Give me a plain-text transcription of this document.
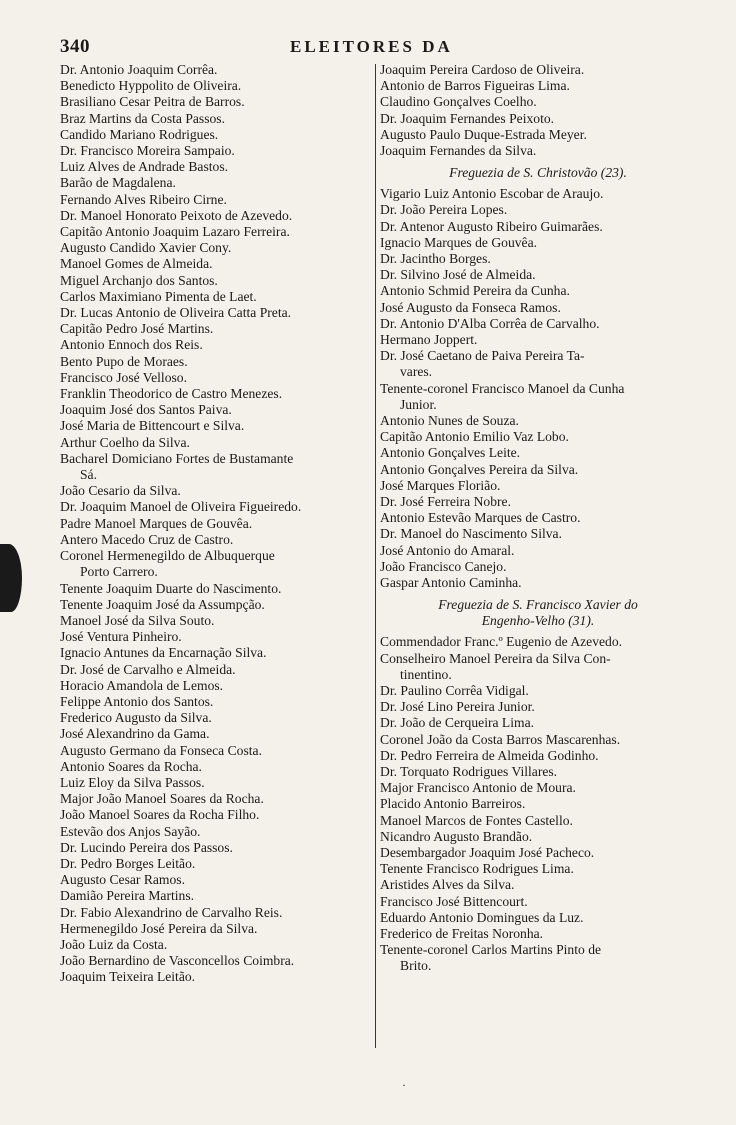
340	ELEITORES DA
Dr. Antonio Joaquim Corrêa.
Benedicto Hyppolito de Oliveira.
Brasiliano Cesar Peitra de Barros.
Braz Martins da Costa Passos.
Candido Mariano Rodrigues.
Dr. Francisco Moreira Sampaio.
Luiz Alves de Andrade Bastos.
Barão de Magdalena.
Fernando Alves Ribeiro Cirne.
Dr. Manoel Honorato Peixoto de Azevedo.
Capitão Antonio Joaquim Lazaro Ferreira.
Augusto Candido Xavier Cony.
Manoel Gomes de Almeida.
Miguel Archanjo dos Santos.
Carlos Maximiano Pimenta de Laet.
Dr. Lucas Antonio de Oliveira Catta Preta.
Capitão Pedro José Martins.
Antonio Ennoch dos Reis.
Bento Pupo de Moraes.
Francisco José Velloso.
Franklin Theodorico de Castro Menezes.
Joaquim José dos Santos Paiva.
José Maria de Bittencourt e Silva.
Arthur Coelho da Silva.
Bacharel Domiciano Fortes de Bustamante
Sá.
João Cesario da Silva.
Dr. Joaquim Manoel de Oliveira Figueiredo.
Padre Manoel Marques de Gouvêa.
Antero Macedo Cruz de Castro.
Coronel Hermenegildo de Albuquerque
Porto Carrero.
Tenente Joaquim Duarte do Nascimento.
Tenente Joaquim José da Assumpção.
Manoel José da Silva Souto.
José Ventura Pinheiro.
Ignacio Antunes da Encarnação Silva.
Dr. José de Carvalho e Almeida.
Horacio Amandola de Lemos.
Felippe Antonio dos Santos.
Frederico Augusto da Silva.
José Alexandrino da Gama.
Augusto Germano da Fonseca Costa.
Antonio Soares da Rocha.
Luiz Eloy da Silva Passos.
Major João Manoel Soares da Rocha.
João Manoel Soares da Rocha Filho.
Estevão dos Anjos Sayão.
Dr. Lucindo Pereira dos Passos.
Dr. Pedro Borges Leitão.
Augusto Cesar Ramos.
Damião Pereira Martins.
Dr. Fabio Alexandrino de Carvalho Reis.
Hermenegildo José Pereira da Silva.
João Luiz da Costa.
João Bernardino de Vasconcellos Coimbra.
Joaquim Teixeira Leitão.
Joaquim Pereira Cardoso de Oliveira.
Antonio de Barros Figueiras Lima.
Claudino Gonçalves Coelho.
Dr. Joaquim Fernandes Peixoto.
Augusto Paulo Duque-Estrada Meyer.
Joaquim Fernandes da Silva.
Freguezia de S. Christovão (23).
Vigario Luiz Antonio Escobar de Araujo.
Dr. João Pereira Lopes.
Dr. Antenor Augusto Ribeiro Guimarães.
Ignacio Marques de Gouvêa.
Dr. Jacintho Borges.
Dr. Silvino José de Almeida.
Antonio Schmid Pereira da Cunha.
José Augusto da Fonseca Ramos.
Dr. Antonio D'Alba Corrêa de Carvalho.
Hermano Joppert.
Dr. José Caetano de Paiva Pereira Ta-
vares.
Tenente-coronel Francisco Manoel da Cunha
Junior.
Antonio Nunes de Souza.
Capitão Antonio Emilio Vaz Lobo.
Antonio Gonçalves Leite.
Antonio Gonçalves Pereira da Silva.
José Marques Florião.
Dr. José Ferreira Nobre.
Antonio Estevão Marques de Castro.
Dr. Manoel do Nascimento Silva.
José Antonio do Amaral.
João Francisco Canejo.
Gaspar Antonio Caminha.
Freguezia de S. Francisco Xavier do
Engenho-Velho (31).
Commendador Franc.º Eugenio de Azevedo.
Conselheiro Manoel Pereira da Silva Con-
tinentino.
Dr. Paulino Corrêa Vidigal.
Dr. José Lino Pereira Junior.
Dr. João de Cerqueira Lima.
Coronel João da Costa Barros Mascarenhas.
Dr. Pedro Ferreira de Almeida Godinho.
Dr. Torquato Rodrigues Villares.
Major Francisco Antonio de Moura.
Placido Antonio Barreiros.
Manoel Marcos de Fontes Castello.
Nicandro Augusto Brandão.
Desembargador Joaquim José Pacheco.
Tenente Francisco Rodrigues Lima.
Aristides Alves da Silva.
Francisco José Bittencourt.
Eduardo Antonio Domingues da Luz.
Frederico de Freitas Noronha.
Tenente-coronel Carlos Martins Pinto de
Brito.
·
